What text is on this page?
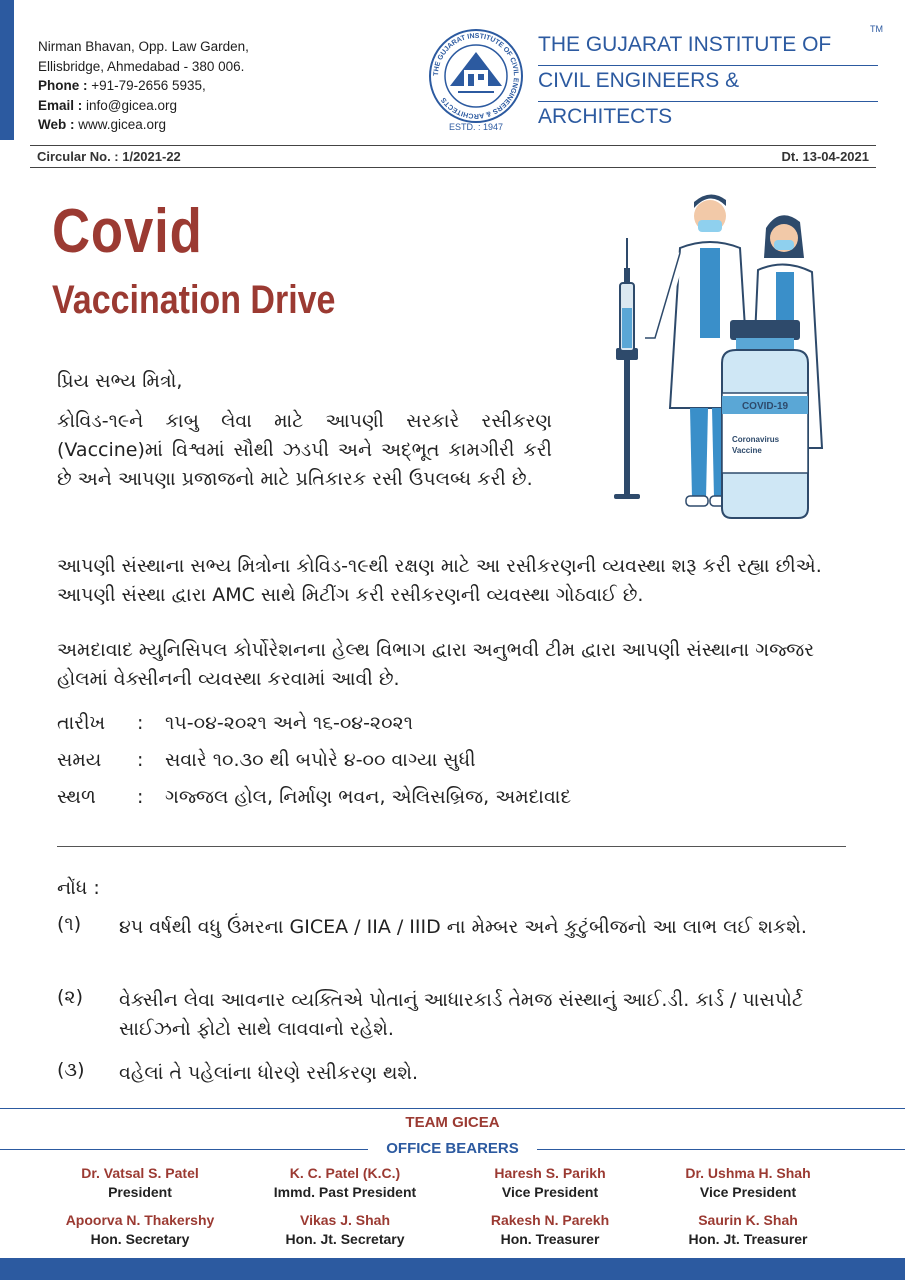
Nirman Bhavan, Opp. Law Garden,
Ellisbridge, Ahmedabad - 380 006.
Phone : +91-79-2656 5935,
Email : info@gicea.org
Web : www.gicea.org
THE GUJARAT INSTITUTE OF CIVIL ENGINEERS & ARCHITECTS
ESTD. : 1947
TM
THE GUJARAT INSTITUTE OF
CIVIL ENGINEERS &
ARCHITECTS
Circular No. : 1/2021-22	Dt. 13-04-2021
Covid
Vaccination Drive
COVID-19
Coronavirus
Vaccine
પ્રિય સભ્ય મિત્રો,
કોવિડ-૧૯ને કાબુ લેવા માટે આપણી સરકારે રસીકરણ (Vaccine)માં વિશ્વમાં સૌથી ઝડપી અને અદ્ભૂત કામગીરી કરી છે અને આપણા પ્રજાજનો માટે પ્રતિકારક રસી ઉપલબ્ધ કરી છે.
આપણી સંસ્થાના સભ્ય મિત્રોના કોવિડ-૧૯થી રક્ષણ માટે આ રસીકરણની વ્યવસ્થા શરૂ કરી રહ્યા છીએ. આપણી સંસ્થા દ્વારા AMC સાથે મિટીંગ કરી રસીકરણની વ્યવસ્થા ગોઠવાઈ છે.
અમદાવાદ મ્યુનિસિપલ કોર્પોરેશનના હેલ્થ વિભાગ દ્વારા અનુભવી ટીમ દ્વારા આપણી સંસ્થાના ગજ્જર હોલમાં વેક્સીનની વ્યવસ્થા કરવામાં આવી છે.
તારીખ : ૧૫-૦૪-૨૦૨૧ અને ૧૬-૦૪-૨૦૨૧
સમય : સવારે ૧૦.૩૦ થી બપોરે ૪-૦૦ વાગ્યા સુધી
સ્થળ : ગજ્જલ હોલ, નિર્માણ ભવન, એલિસબ્રિજ, અમદાવાદ
નોંધ :
(૧)	૪૫ વર્ષથી વધુ ઉંમરના GICEA / IIA / IIID ના મેમ્બર અને કુટુંબીજનો આ લાભ લઈ શકશે.
(૨)	વેક્સીન લેવા આવનાર વ્યક્તિએ પોતાનું આધારકાર્ડ તેમજ સંસ્થાનું આઈ.ડી. કાર્ડ / પાસપોર્ટ સાઈઝનો ફોટો સાથે લાવવાનો રહેશે.
(૩)	વહેલાં તે પહેલાંના ધોરણે રસીકરણ થશે.
TEAM GICEA
OFFICE BEARERS
Dr. Vatsal S. Patel
President
K. C. Patel (K.C.)
Immd. Past President
Haresh S. Parikh
Vice President
Dr. Ushma H. Shah
Vice President
Apoorva N. Thakershy
Hon. Secretary
Vikas J. Shah
Hon. Jt. Secretary
Rakesh N. Parekh
Hon. Treasurer
Saurin K. Shah
Hon. Jt. Treasurer
